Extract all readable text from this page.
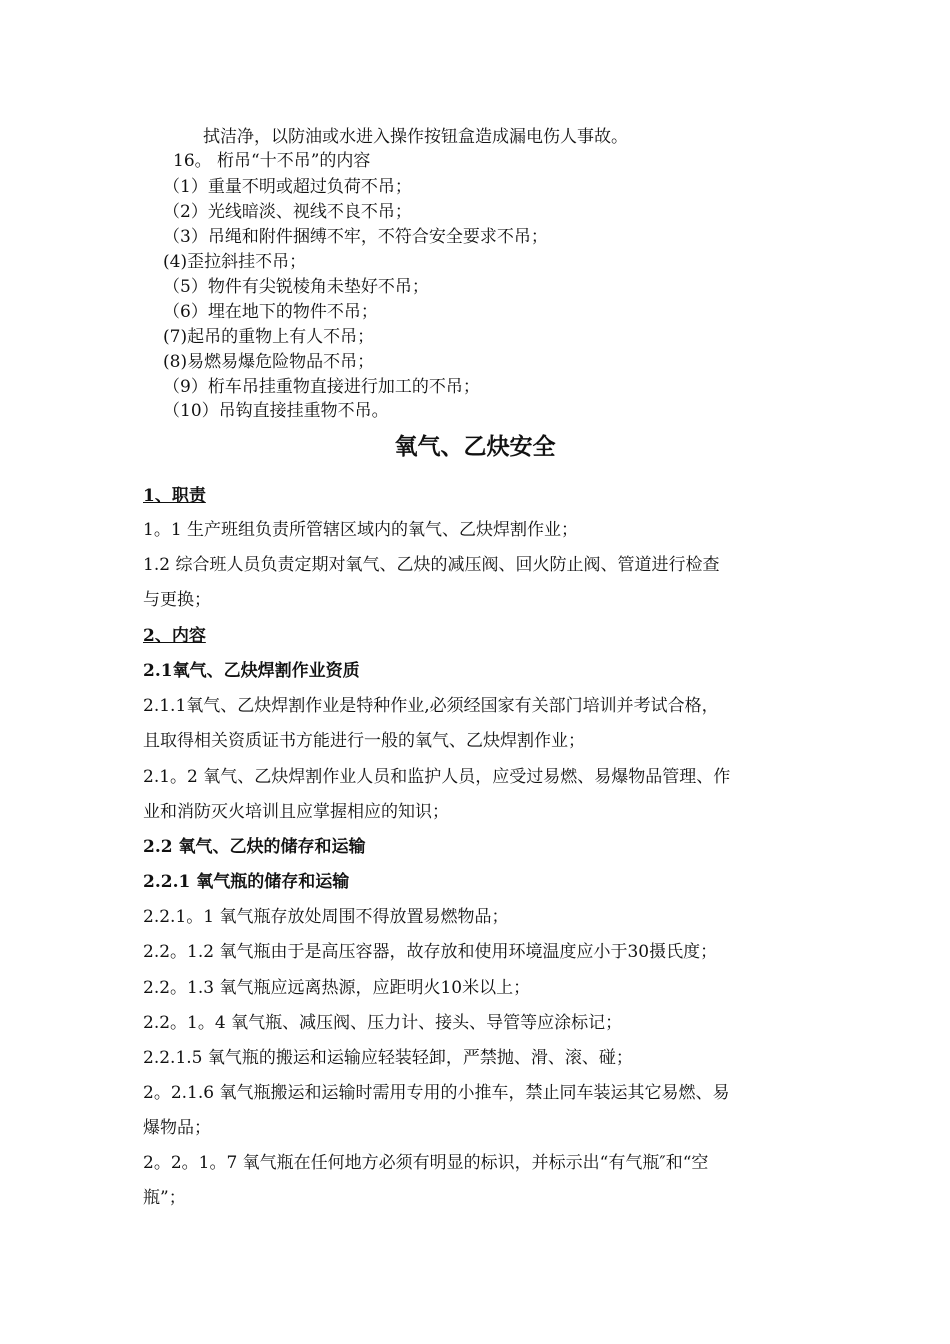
拭洁净，以防油或水进入操作按钮盒造成漏电伤人事故。
16。 桁吊“十不吊”的内容
（1）重量不明或超过负荷不吊；
（2）光线暗淡、视线不良不吊；
（3）吊绳和附件捆缚不牢，不符合安全要求不吊；
(4)歪拉斜挂不吊；
（5）物件有尖锐棱角未垫好不吊；
（6）埋在地下的物件不吊；
(7)起吊的重物上有人不吊；
(8)易燃易爆危险物品不吊；
（9）桁车吊挂重物直接进行加工的不吊；
（10）吊钩直接挂重物不吊。
氧气、乙炔安全
1、职责
1。1 生产班组负责所管辖区域内的氧气、乙炔焊割作业；
1.2 综合班人员负责定期对氧气、乙炔的减压阀、回火防止阀、管道进行检查
与更换；
2、内容
2.1氧气、乙炔焊割作业资质
2.1.1氧气、乙炔焊割作业是特种作业,必须经国家有关部门培训并考试合格，
且取得相关资质证书方能进行一般的氧气、乙炔焊割作业；
2.1。2 氧气、乙炔焊割作业人员和监护人员，应受过易燃、易爆物品管理、作
业和消防灭火培训且应掌握相应的知识；
2.2 氧气、乙炔的储存和运输
2.2.1 氧气瓶的储存和运输
2.2.1。1 氧气瓶存放处周围不得放置易燃物品；
2.2。1.2 氧气瓶由于是高压容器，故存放和使用环境温度应小于30摄氏度；
2.2。1.3 氧气瓶应远离热源，应距明火10米以上；
2.2。1。4 氧气瓶、减压阀、压力计、接头、导管等应涂标记；
2.2.1.5 氧气瓶的搬运和运输应轻装轻卸，严禁抛、滑、滚、碰；
2。2.1.6 氧气瓶搬运和运输时需用专用的小推车，禁止同车装运其它易燃、易
爆物品；
2。2。1。7 氧气瓶在任何地方必须有明显的标识，并标示出“有气瓶″和“空
瓶”；
